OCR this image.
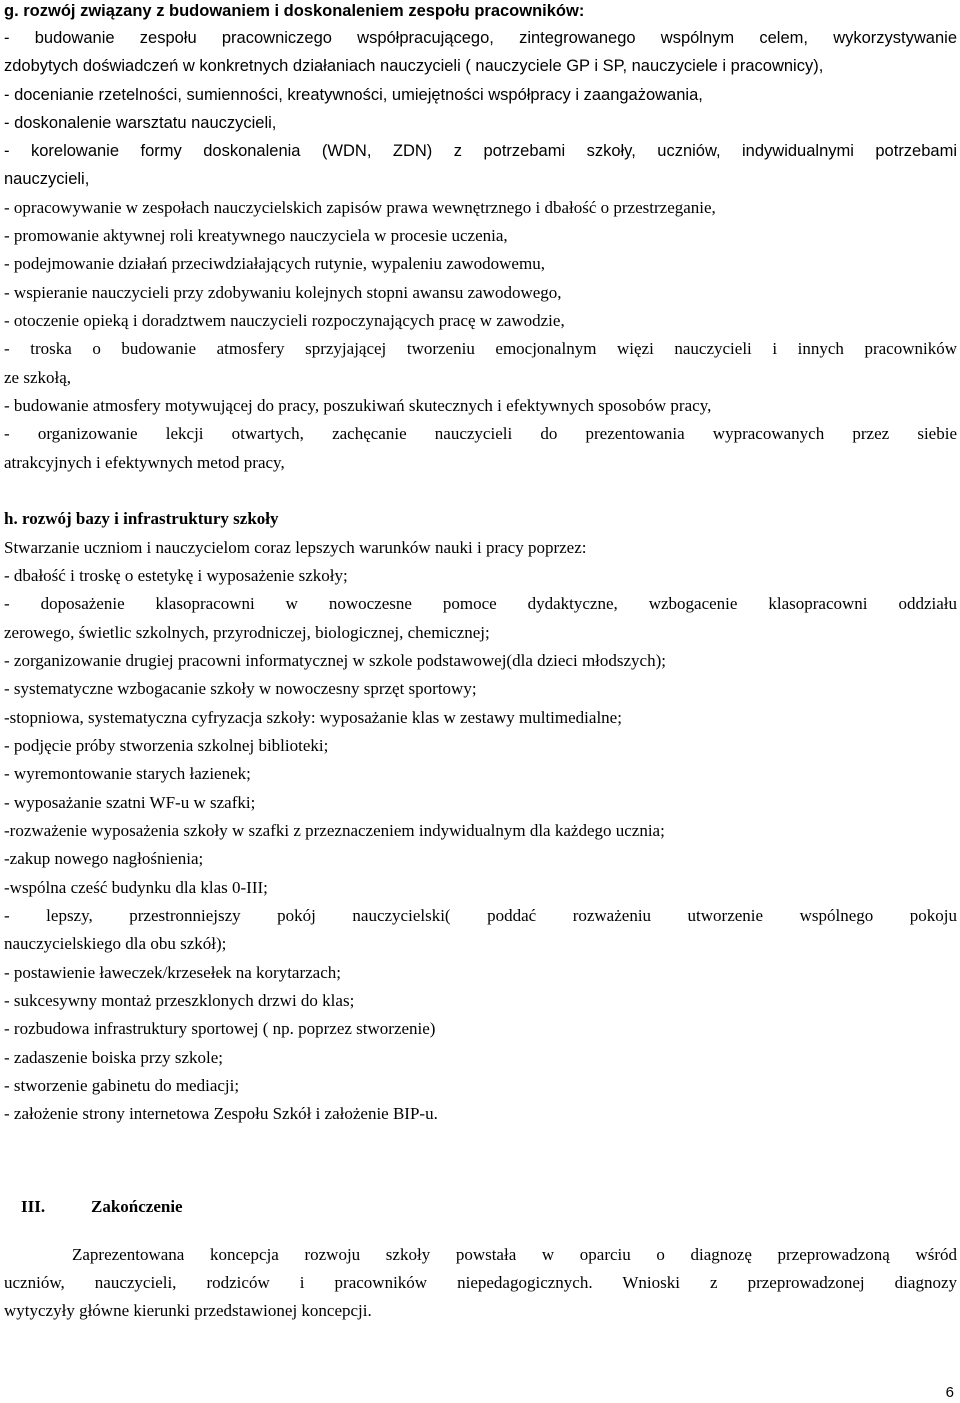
g. rozwój związany z budowaniem i doskonaleniem zespołu pracowników:
- budowanie zespołu pracowniczego współpracującego, zintegrowanego wspólnym celem, wykorzystywanie
zdobytych doświadczeń w konkretnych działaniach nauczycieli ( nauczyciele GP i SP, nauczyciele i pracownicy),
- docenianie rzetelności, sumienności, kreatywności, umiejętności współpracy i zaangażowania,
- doskonalenie warsztatu nauczycieli,
- korelowanie formy doskonalenia (WDN, ZDN) z potrzebami szkoły, uczniów, indywidualnymi potrzebami
nauczycieli,
- opracowywanie w zespołach nauczycielskich zapisów prawa wewnętrznego i dbałość o przestrzeganie,
- promowanie aktywnej roli kreatywnego nauczyciela w procesie uczenia,
- podejmowanie działań przeciwdziałających rutynie, wypaleniu zawodowemu,
- wspieranie nauczycieli przy zdobywaniu kolejnych stopni awansu zawodowego,
- otoczenie opieką i doradztwem nauczycieli rozpoczynających pracę w zawodzie,
- troska o budowanie atmosfery sprzyjającej tworzeniu emocjonalnym więzi nauczycieli i innych pracowników
ze szkołą,
- budowanie atmosfery motywującej do pracy, poszukiwań skutecznych i efektywnych sposobów pracy,
- organizowanie lekcji otwartych, zachęcanie nauczycieli do prezentowania wypracowanych przez siebie
atrakcyjnych i efektywnych metod pracy,
h. rozwój bazy i infrastruktury szkoły
Stwarzanie uczniom i nauczycielom coraz lepszych warunków nauki i pracy poprzez:
- dbałość i troskę o estetykę i wyposażenie szkoły;
- doposażenie klasopracowni w nowoczesne pomoce dydaktyczne, wzbogacenie klasopracowni oddziału
zerowego, świetlic szkolnych, przyrodniczej, biologicznej, chemicznej;
- zorganizowanie drugiej pracowni informatycznej w szkole podstawowej(dla dzieci młodszych);
- systematyczne wzbogacanie szkoły w nowoczesny sprzęt sportowy;
-stopniowa, systematyczna cyfryzacja szkoły: wyposażanie klas w zestawy multimedialne;
- podjęcie próby stworzenia szkolnej biblioteki;
- wyremontowanie starych łazienek;
- wyposażanie szatni WF-u w szafki;
-rozważenie wyposażenia szkoły w szafki z przeznaczeniem indywidualnym dla każdego ucznia;
-zakup nowego nagłośnienia;
-wspólna cześć budynku dla klas 0-III;
- lepszy, przestronniejszy pokój nauczycielski( poddać rozważeniu utworzenie wspólnego pokoju
nauczycielskiego dla obu szkół);
- postawienie ławeczek/krzesełek na korytarzach;
- sukcesywny montaż przeszklonych drzwi do klas;
- rozbudowa infrastruktury sportowej ( np. poprzez stworzenie)
- zadaszenie boiska przy szkole;
- stworzenie gabinetu do mediacji;
- założenie strony internetowa Zespołu Szkół i założenie BIP-u.
III.	Zakończenie
Zaprezentowana koncepcja rozwoju szkoły powstała w oparciu o diagnozę przeprowadzoną wśród
uczniów, nauczycieli, rodziców i pracowników niepedagogicznych. Wnioski z przeprowadzonej diagnozy
wytyczyły główne kierunki przedstawionej koncepcji.
6
